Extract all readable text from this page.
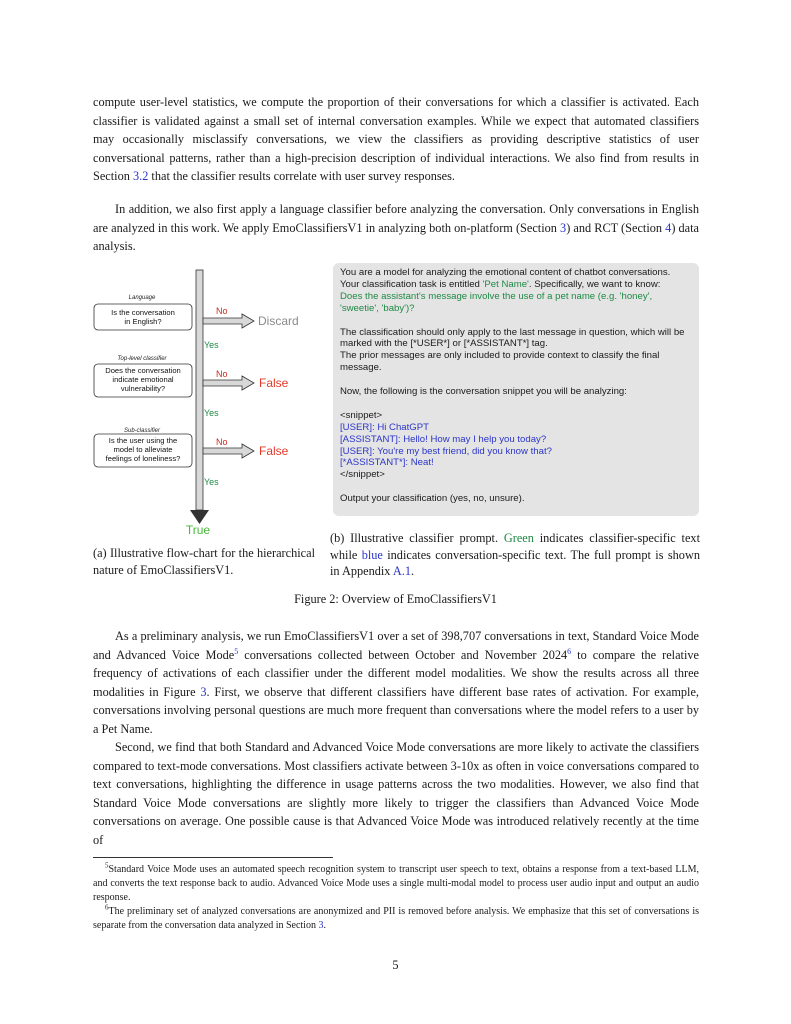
compute user-level statistics, we compute the proportion of their conversations for which a classifier is activated. Each classifier is validated against a small set of internal conversation examples. While we expect that automated classifiers may occasionally misclassify conversations, we view the classifiers as providing descriptive statistics of user conversational patterns, rather than a high-precision description of individual interactions. We also find from results in Section 3.2 that the classifier results correlate with user survey responses.

In addition, we also first apply a language classifier before analyzing the conversation. Only conversations in English are analyzed in this work. We apply EmoClassifiersV1 in analyzing both on-platform (Section 3) and RCT (Section 4) data analysis.

Language
Is the conversation
in English?
No
Discard
Yes
Top-level classifier
Does the conversation
indicate emotional
vulnerability?
No
False
Yes
Sub-classifier
Is the user using the
model to alleviate
feelings of loneliness?
No
False
Yes
True

(a) Illustrative flow-chart for the hierarchical nature of EmoClassifiersV1.

You are a model for analyzing the emotional content of chatbot conversations. Your classification task is entitled 'Pet Name'. Specifically, we want to know:

Does the assistant's message involve the use of a pet name (e.g. 'honey', 'sweetie', 'baby')?

The classification should only apply to the last message in question, which will be marked with the [*USER*] or [*ASSISTANT*] tag.

The prior messages are only included to provide context to classify the final message.

Now, the following is the conversation snippet you will be analyzing:

<snippet>

[USER]: Hi ChatGPT

[ASSISTANT]: Hello! How may I help you today?

[USER]: You're my best friend, did you know that?

[*ASSISTANT*]: Neat!

</snippet>

Output your classification (yes, no, unsure).

(b) Illustrative classifier prompt. Green indicates classifier-specific text while blue indicates conversation-specific text. The full prompt is shown in Appendix A.1.

Figure 2: Overview of EmoClassifiersV1

As a preliminary analysis, we run EmoClassifiersV1 over a set of 398,707 conversations in text, Standard Voice Mode and Advanced Voice Mode$^5$ conversations collected between October and November 2024$^6$ to compare the relative frequency of activations of each classifier under the different model modalities. We show the results across all three modalities in Figure 3. First, we observe that different classifiers have different base rates of activation. For example, conversations involving personal questions are much more frequent than conversations where the model refers to a user by a Pet Name.

Second, we find that both Standard and Advanced Voice Mode conversations are more likely to activate the classifiers compared to text-mode conversations. Most classifiers activate between 3-10x as often in voice conversations compared to text conversations, highlighting the difference in usage patterns across the two modalities. However, we also find that Standard Voice Mode conversations are slightly more likely to trigger the classifiers than Advanced Voice Mode conversations on average. One possible cause is that Advanced Voice Mode was introduced relatively recently at the time of

$^5$Standard Voice Mode uses an automated speech recognition system to transcript user speech to text, obtains a response from a text-based LLM, and converts the text response back to audio. Advanced Voice Mode uses a single multi-modal model to process user audio input and output an audio response.

$^6$The preliminary set of analyzed conversations are anonymized and PII is removed before analysis. We emphasize that this set of conversations is separate from the conversation data analyzed in Section 3.

5
